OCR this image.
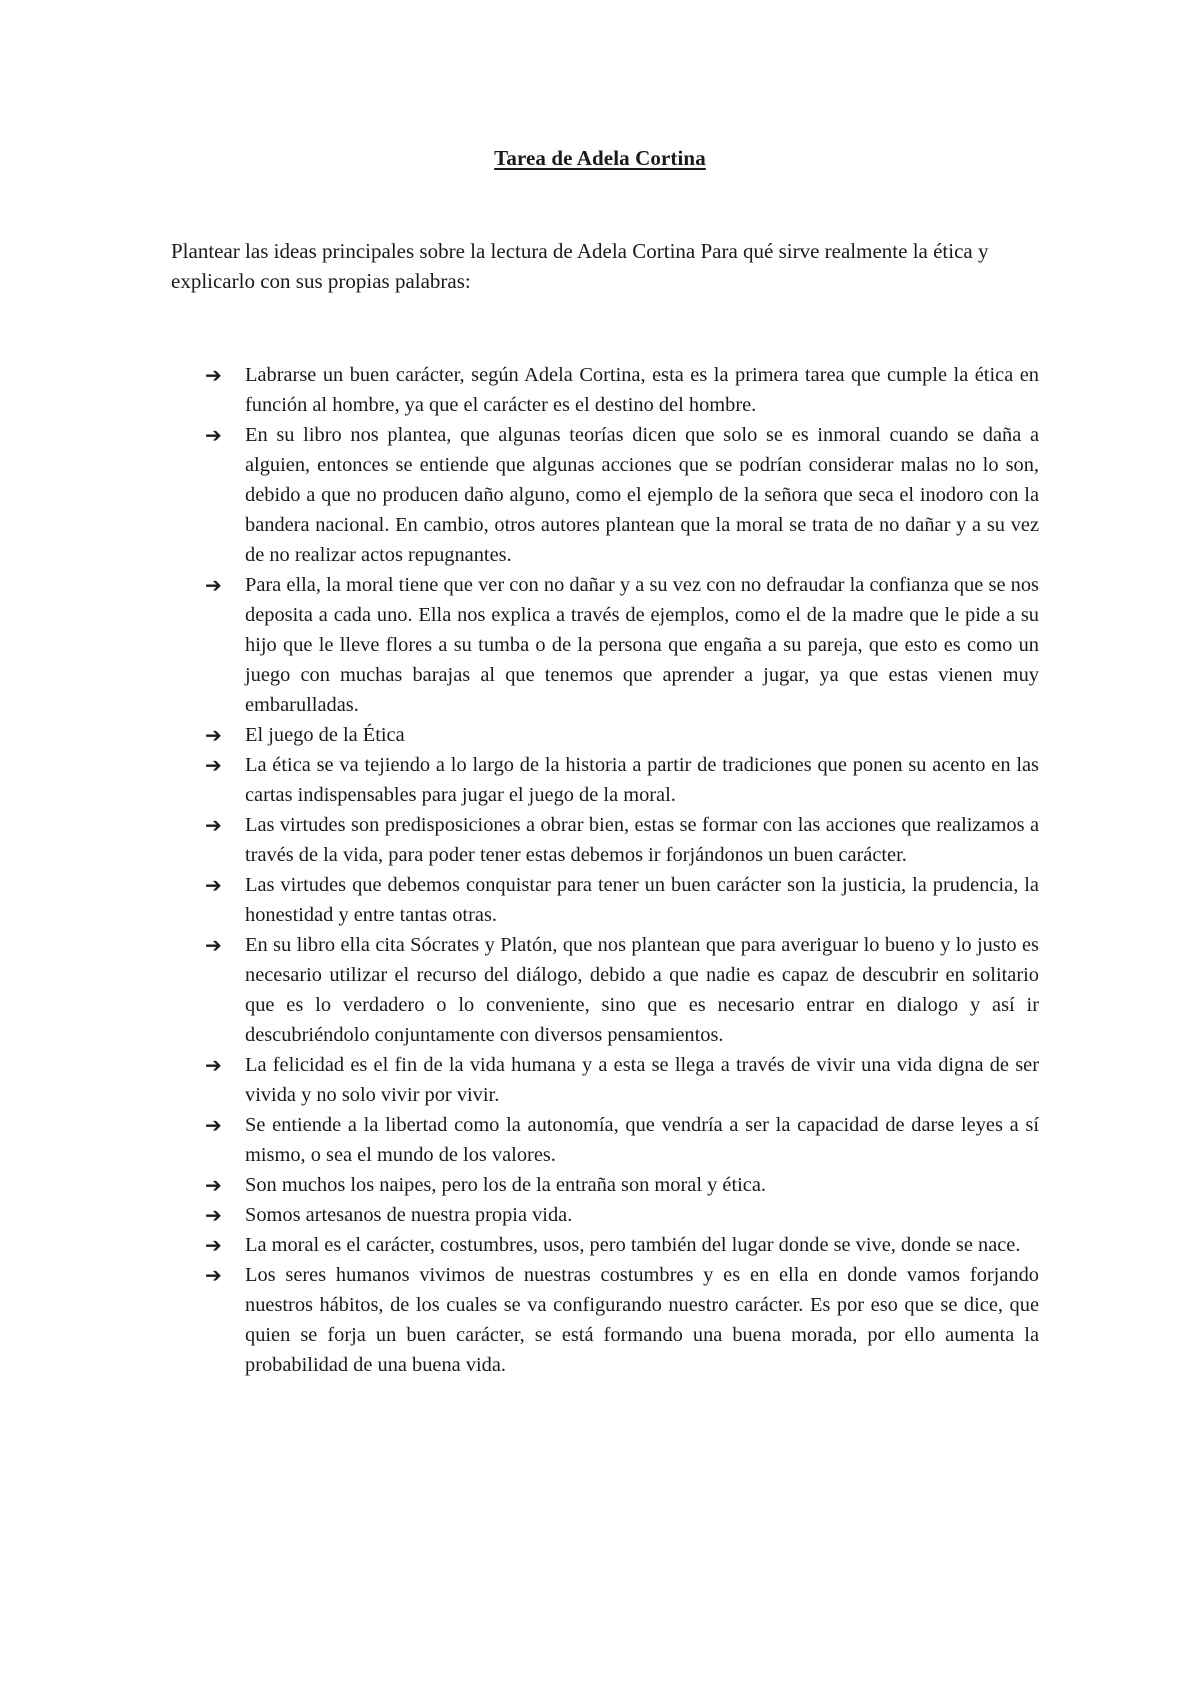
Tarea de Adela Cortina

Plantear las ideas principales sobre la lectura de Adela Cortina Para qué sirve realmente la ética y explicarlo con sus propias palabras:

➔ Labrarse un buen carácter, según Adela Cortina, esta es la primera tarea que cumple la ética en función al hombre, ya que el carácter es el destino del hombre.
➔ En su libro nos plantea, que algunas teorías dicen que solo se es inmoral cuando se daña a alguien, entonces se entiende que algunas acciones que se podrían considerar malas no lo son, debido a que no producen daño alguno, como el ejemplo de la señora que seca el inodoro con la bandera nacional. En cambio, otros autores plantean que la moral se trata de no dañar y a su vez de no realizar actos repugnantes.
➔ Para ella, la moral tiene que ver con no dañar y a su vez con no defraudar la confianza que se nos deposita a cada uno. Ella nos explica a través de ejemplos, como el de la madre que le pide a su hijo que le lleve flores a su tumba o de la persona que engaña a su pareja, que esto es como un juego con muchas barajas al que tenemos que aprender a jugar, ya que estas vienen muy embarulladas.
➔ El juego de la Ética
➔ La ética se va tejiendo a lo largo de la historia a partir de tradiciones que ponen su acento en las cartas indispensables para jugar el juego de la moral.
➔ Las virtudes son predisposiciones a obrar bien, estas se formar con las acciones que realizamos a través de la vida, para poder tener estas debemos ir forjándonos un buen carácter.
➔ Las virtudes que debemos conquistar para tener un buen carácter son la justicia, la prudencia, la honestidad y entre tantas otras.
➔ En su libro ella cita Sócrates y Platón, que nos plantean que para averiguar lo bueno y lo justo es necesario utilizar el recurso del diálogo, debido a que nadie es capaz de descubrir en solitario que es lo verdadero o lo conveniente, sino que es necesario entrar en dialogo y así ir descubriéndolo conjuntamente con diversos pensamientos.
➔ La felicidad es el fin de la vida humana y a esta se llega a través de vivir una vida digna de ser vivida y no solo vivir por vivir.
➔ Se entiende a la libertad como la autonomía, que vendría a ser la capacidad de darse leyes a sí mismo, o sea el mundo de los valores.
➔ Son muchos los naipes, pero los de la entraña son moral y ética.
➔ Somos artesanos de nuestra propia vida.
➔ La moral es el carácter, costumbres, usos, pero también del lugar donde se vive, donde se nace.
➔ Los seres humanos vivimos de nuestras costumbres y es en ella en donde vamos forjando nuestros hábitos, de los cuales se va configurando nuestro carácter. Es por eso que se dice, que quien se forja un buen carácter, se está formando una buena morada, por ello aumenta la probabilidad de una buena vida.
